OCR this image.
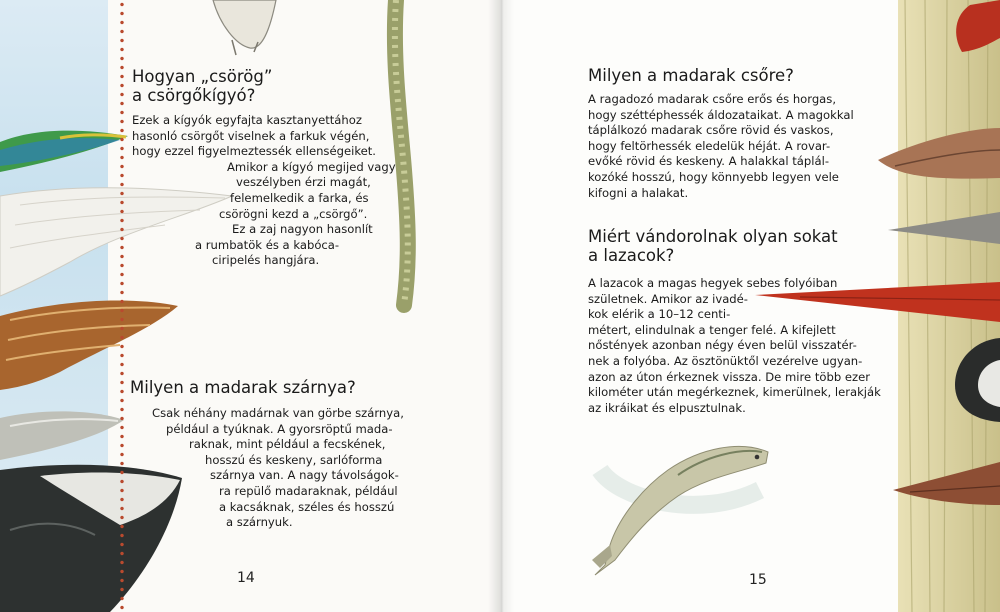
Hogyan „csörög”
a csörgőkígyó?
Ezek a kígyók egyfajta kasztanyettához
hasonló csörgőt viselnek a farkuk végén,
hogy ezzel figyelmeztessék ellenségeiket.
Amikor a kígyó megijed vagy
veszélyben érzi magát,
felemelkedik a farka, és
csörögni kezd a „csörgő”.
Ez a zaj nagyon hasonlít
a rumbatök és a kabóca-
ciripelés hangjára.
Milyen a madarak szárnya?
Csak néhány madárnak van görbe szárnya,
például a tyúknak. A gyorsröptű mada-
raknak, mint például a fecskének,
hosszú és keskeny, sarlóforma
szárnya van. A nagy távolságok-
ra repülő madaraknak, például
a kacsáknak, széles és hosszú
a szárnyuk.
14
Milyen a madarak csőre?
A ragadozó madarak csőre erős és horgas,
hogy széttéphessék áldozataikat. A magokkal
táplálkozó madarak csőre rövid és vaskos,
hogy feltörhessék eledelük héját. A rovar-
evőké rövid és keskeny. A halakkal táplál-
kozóké hosszú, hogy könnyebb legyen vele
kifogni a halakat.
Miért vándorolnak olyan sokat
a lazacok?
A lazacok a magas hegyek sebes folyóiban
születnek. Amikor az ivadé-
kok elérik a 10–12 centi-
métert, elindulnak a tenger felé. A kifejlett
nőstények azonban négy éven belül visszatér-
nek a folyóba. Az ösztönüktől vezérelve ugyan-
azon az úton érkeznek vissza. De mire több ezer
kilométer után megérkeznek, kimerülnek, lerakják
az ikráikat és elpusztulnak.
15
